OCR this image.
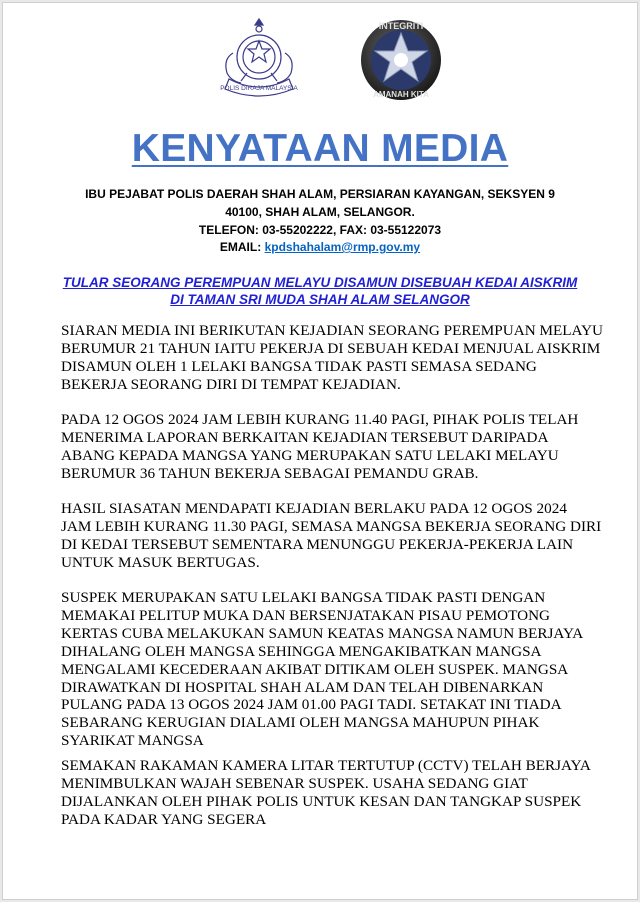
POLIS DIRAJA MALAYSIA
INTEGRITI
AMANAH KITA
KENYATAAN MEDIA
IBU PEJABAT POLIS DAERAH SHAH ALAM, PERSIARAN KAYANGAN, SEKSYEN 9
40100, SHAH ALAM, SELANGOR.
TELEFON: 03-55202222, FAX: 03-55122073
EMAIL: kpdshahalam@rmp.gov.my
TULAR SEORANG PEREMPUAN MELAYU DISAMUN DISEBUAH KEDAI AISKRIM
DI TAMAN SRI MUDA SHAH ALAM SELANGOR
SIARAN MEDIA INI BERIKUTAN KEJADIAN SEORANG PEREMPUAN MELAYU
BERUMUR 21 TAHUN IAITU PEKERJA DI SEBUAH KEDAI MENJUAL AISKRIM
DISAMUN OLEH 1 LELAKI BANGSA TIDAK PASTI SEMASA SEDANG
BEKERJA SEORANG DIRI DI TEMPAT KEJADIAN.
PADA 12 OGOS 2024 JAM LEBIH KURANG 11.40 PAGI, PIHAK POLIS TELAH
MENERIMA LAPORAN BERKAITAN KEJADIAN TERSEBUT DARIPADA
ABANG KEPADA MANGSA YANG MERUPAKAN SATU LELAKI MELAYU
BERUMUR 36 TAHUN BEKERJA SEBAGAI PEMANDU GRAB.
HASIL SIASATAN MENDAPATI KEJADIAN BERLAKU PADA 12 OGOS 2024
JAM LEBIH KURANG 11.30 PAGI, SEMASA MANGSA BEKERJA SEORANG DIRI
DI KEDAI TERSEBUT SEMENTARA MENUNGGU PEKERJA-PEKERJA LAIN
UNTUK MASUK BERTUGAS.
SUSPEK MERUPAKAN SATU LELAKI BANGSA TIDAK PASTI DENGAN
MEMAKAI PELITUP MUKA DAN BERSENJATAKAN PISAU PEMOTONG
KERTAS CUBA MELAKUKAN SAMUN KEATAS MANGSA NAMUN BERJAYA
DIHALANG OLEH MANGSA SEHINGGA MENGAKIBATKAN MANGSA
MENGALAMI KECEDERAAN AKIBAT DITIKAM OLEH SUSPEK. MANGSA
DIRAWATKAN DI HOSPITAL SHAH ALAM DAN TELAH DIBENARKAN
PULANG PADA 13 OGOS 2024 JAM 01.00 PAGI TADI. SETAKAT INI TIADA
SEBARANG KERUGIAN DIALAMI OLEH MANGSA MAHUPUN PIHAK
SYARIKAT MANGSA
SEMAKAN RAKAMAN KAMERA LITAR TERTUTUP (CCTV) TELAH BERJAYA
MENIMBULKAN WAJAH SEBENAR SUSPEK. USAHA SEDANG GIAT
DIJALANKAN OLEH PIHAK POLIS UNTUK KESAN DAN TANGKAP SUSPEK
PADA KADAR YANG SEGERA
